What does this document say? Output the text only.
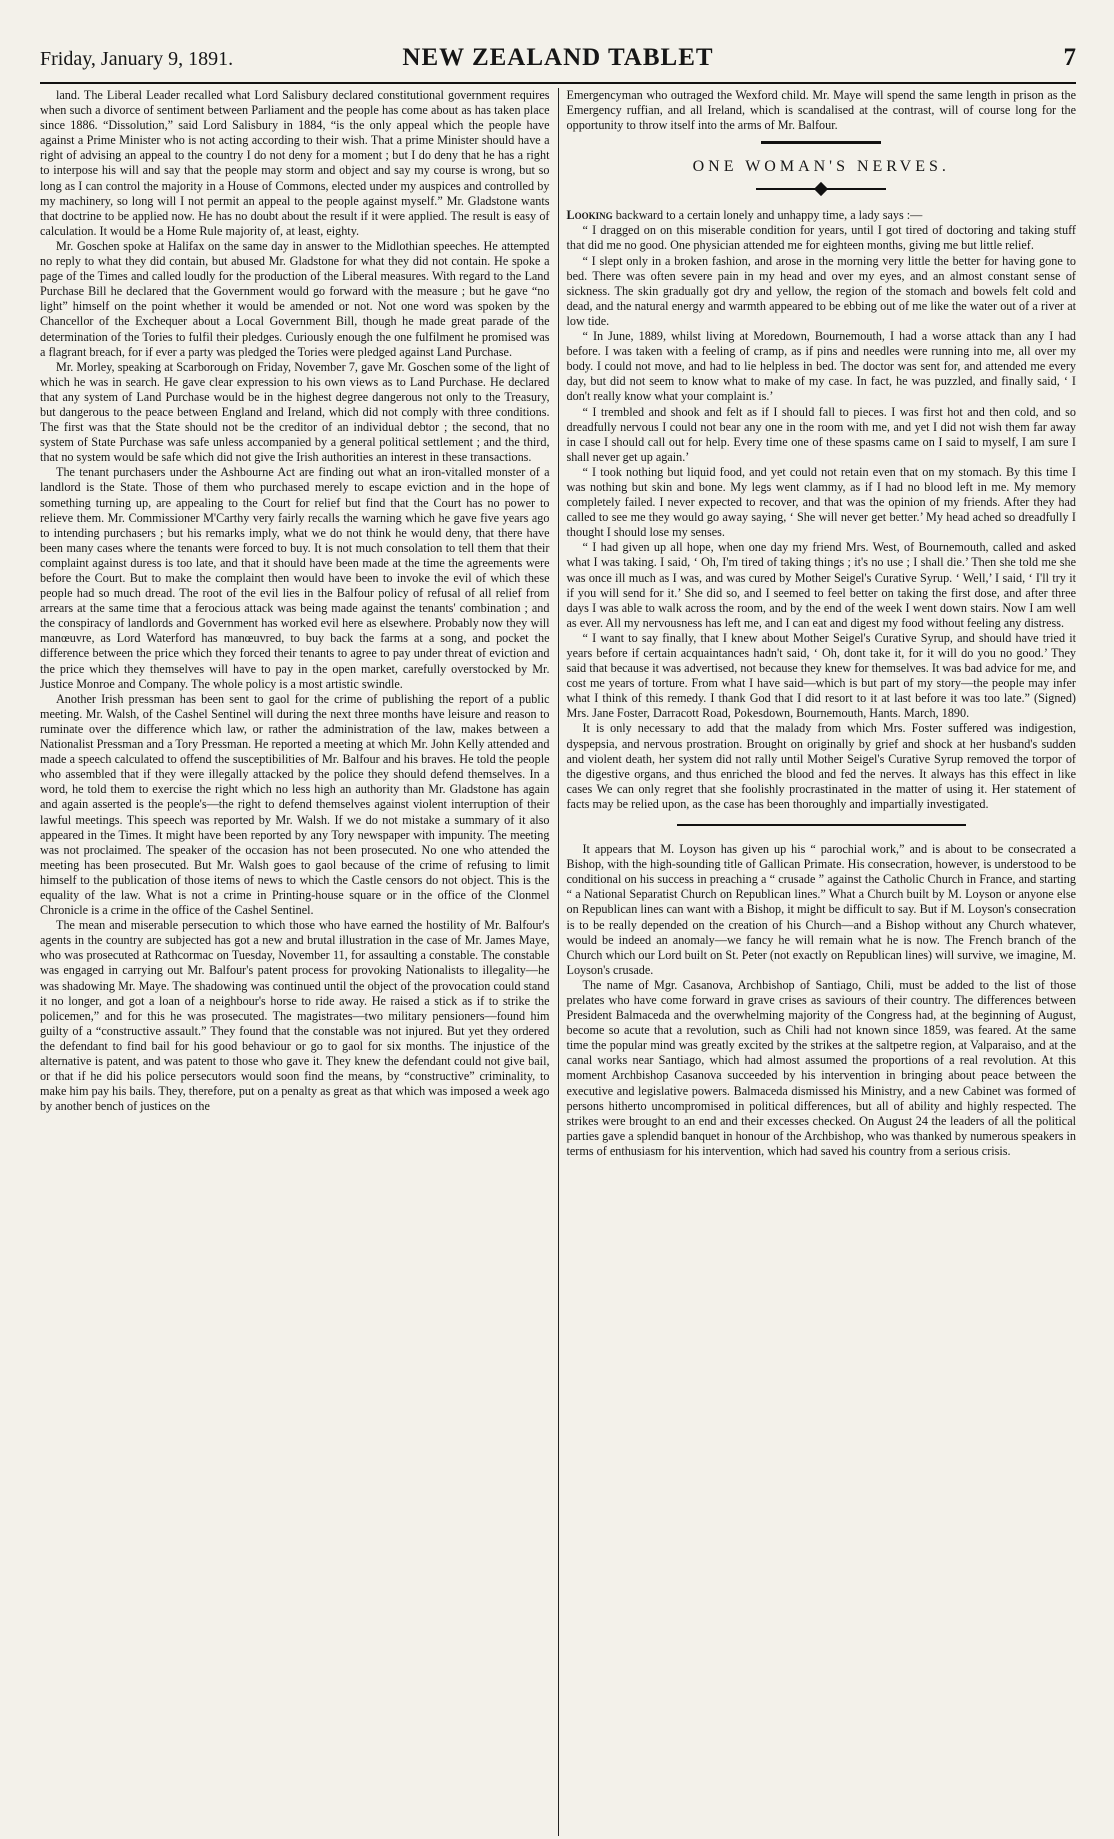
Friday, January 9, 1891.	NEW ZEALAND TABLET	7

land. The Liberal Leader recalled what Lord Salisbury declared constitutional government requires when such a divorce of sentiment between Parliament and the people has come about as has taken place since 1886. “Dissolution,” said Lord Salisbury in 1884, “is the only appeal which the people have against a Prime Minister who is not acting according to their wish. That a prime Minister should have a right of advising an appeal to the country I do not deny for a moment ; but I do deny that he has a right to interpose his will and say that the people may storm and object and say my course is wrong, but so long as I can control the majority in a House of Commons, elected under my auspices and controlled by my machinery, so long will I not permit an appeal to the people against myself.” Mr. Gladstone wants that doctrine to be applied now. He has no doubt about the result if it were applied. The result is easy of calculation. It would be a Home Rule majority of, at least, eighty.

Mr. Goschen spoke at Halifax on the same day in answer to the Midlothian speeches. He attempted no reply to what they did contain, but abused Mr. Gladstone for what they did not contain. He spoke a page of the Times and called loudly for the production of the Liberal measures. With regard to the Land Purchase Bill he declared that the Government would go forward with the measure ; but he gave “no light” himself on the point whether it would be amended or not. Not one word was spoken by the Chancellor of the Exchequer about a Local Government Bill, though he made great parade of the determination of the Tories to fulfil their pledges. Curiously enough the one fulfilment he promised was a flagrant breach, for if ever a party was pledged the Tories were pledged against Land Purchase.

Mr. Morley, speaking at Scarborough on Friday, November 7, gave Mr. Goschen some of the light of which he was in search. He gave clear expression to his own views as to Land Purchase. He declared that any system of Land Purchase would be in the highest degree dangerous not only to the Treasury, but dangerous to the peace between England and Ireland, which did not comply with three conditions. The first was that the State should not be the creditor of an individual debtor ; the second, that no system of State Purchase was safe unless accompanied by a general political settlement ; and the third, that no system would be safe which did not give the Irish authorities an interest in these transactions.

The tenant purchasers under the Ashbourne Act are finding out what an iron-vitalled monster of a landlord is the State. Those of them who purchased merely to escape eviction and in the hope of something turning up, are appealing to the Court for relief but find that the Court has no power to relieve them. Mr. Commissioner M'Carthy very fairly recalls the warning which he gave five years ago to intending purchasers ; but his remarks imply, what we do not think he would deny, that there have been many cases where the tenants were forced to buy. It is not much consolation to tell them that their complaint against duress is too late, and that it should have been made at the time the agreements were before the Court. But to make the complaint then would have been to invoke the evil of which these people had so much dread. The root of the evil lies in the Balfour policy of refusal of all relief from arrears at the same time that a ferocious attack was being made against the tenants' combination ; and the conspiracy of landlords and Government has worked evil here as elsewhere. Probably now they will manœuvre, as Lord Waterford has manœuvred, to buy back the farms at a song, and pocket the difference between the price which they forced their tenants to agree to pay under threat of eviction and the price which they themselves will have to pay in the open market, carefully overstocked by Mr. Justice Monroe and Company. The whole policy is a most artistic swindle.

Another Irish pressman has been sent to gaol for the crime of publishing the report of a public meeting. Mr. Walsh, of the Cashel Sentinel will during the next three months have leisure and reason to ruminate over the difference which law, or rather the administration of the law, makes between a Nationalist Pressman and a Tory Pressman. He reported a meeting at which Mr. John Kelly attended and made a speech calculated to offend the susceptibilities of Mr. Balfour and his braves. He told the people who assembled that if they were illegally attacked by the police they should defend themselves. In a word, he told them to exercise the right which no less high an authority than Mr. Gladstone has again and again asserted is the people's—the right to defend themselves against violent interruption of their lawful meetings. This speech was reported by Mr. Walsh. If we do not mistake a summary of it also appeared in the Times. It might have been reported by any Tory newspaper with impunity. The meeting was not proclaimed. The speaker of the occasion has not been prosecuted. No one who attended the meeting has been prosecuted. But Mr. Walsh goes to gaol because of the crime of refusing to limit himself to the publication of those items of news to which the Castle censors do not object. This is the equality of the law. What is not a crime in Printing-house square or in the office of the Clonmel Chronicle is a crime in the office of the Cashel Sentinel.

The mean and miserable persecution to which those who have earned the hostility of Mr. Balfour's agents in the country are subjected has got a new and brutal illustration in the case of Mr. James Maye, who was prosecuted at Rathcormac on Tuesday, November 11, for assaulting a constable. The constable was engaged in carrying out Mr. Balfour's patent process for provoking Nationalists to illegality—he was shadowing Mr. Maye. The shadowing was continued until the object of the provocation could stand it no longer, and got a loan of a neighbour's horse to ride away. He raised a stick as if to strike the policemen,” and for this he was prosecuted. The magistrates—two military pensioners—found him guilty of a “constructive assault.” They found that the constable was not injured. But yet they ordered the defendant to find bail for his good behaviour or go to gaol for six months. The injustice of the alternative is patent, and was patent to those who gave it. They knew the defendant could not give bail, or that if he did his police persecutors would soon find the means, by “constructive” criminality, to make him pay his bails. They, therefore, put on a penalty as great as that which was imposed a week ago by another bench of justices on the

Emergencyman who outraged the Wexford child. Mr. Maye will spend the same length in prison as the Emergency ruffian, and all Ireland, which is scandalised at the contrast, will of course long for the opportunity to throw itself into the arms of Mr. Balfour.

ONE WOMAN'S NERVES.

Looking backward to a certain lonely and unhappy time, a lady says :—

“ I dragged on on this miserable condition for years, until I got tired of doctoring and taking stuff that did me no good. One physician attended me for eighteen months, giving me but little relief.

“ I slept only in a broken fashion, and arose in the morning very little the better for having gone to bed. There was often severe pain in my head and over my eyes, and an almost constant sense of sickness. The skin gradually got dry and yellow, the region of the stomach and bowels felt cold and dead, and the natural energy and warmth appeared to be ebbing out of me like the water out of a river at low tide.

“ In June, 1889, whilst living at Moredown, Bournemouth, I had a worse attack than any I had before. I was taken with a feeling of cramp, as if pins and needles were running into me, all over my body. I could not move, and had to lie helpless in bed. The doctor was sent for, and attended me every day, but did not seem to know what to make of my case. In fact, he was puzzled, and finally said, ‘ I don't really know what your complaint is.’

“ I trembled and shook and felt as if I should fall to pieces. I was first hot and then cold, and so dreadfully nervous I could not bear any one in the room with me, and yet I did not wish them far away in case I should call out for help. Every time one of these spasms came on I said to myself, I am sure I shall never get up again.’

“ I took nothing but liquid food, and yet could not retain even that on my stomach. By this time I was nothing but skin and bone. My legs went clammy, as if I had no blood left in me. My memory completely failed. I never expected to recover, and that was the opinion of my friends. After they had called to see me they would go away saying, ‘ She will never get better.’ My head ached so dreadfully I thought I should lose my senses.

“ I had given up all hope, when one day my friend Mrs. West, of Bournemouth, called and asked what I was taking. I said, ‘ Oh, I'm tired of taking things ; it's no use ; I shall die.’ Then she told me she was once ill much as I was, and was cured by Mother Seigel's Curative Syrup. ‘ Well,’ I said, ‘ I'll try it if you will send for it.’ She did so, and I seemed to feel better on taking the first dose, and after three days I was able to walk across the room, and by the end of the week I went down stairs. Now I am well as ever. All my nervousness has left me, and I can eat and digest my food without feeling any distress.

“ I want to say finally, that I knew about Mother Seigel's Curative Syrup, and should have tried it years before if certain acquaintances hadn't said, ‘ Oh, dont take it, for it will do you no good.’ They said that because it was advertised, not because they knew for themselves. It was bad advice for me, and cost me years of torture. From what I have said—which is but part of my story—the people may infer what I think of this remedy. I thank God that I did resort to it at last before it was too late.” (Signed) Mrs. Jane Foster, Darracott Road, Pokesdown, Bournemouth, Hants. March, 1890.

It is only necessary to add that the malady from which Mrs. Foster suffered was indigestion, dyspepsia, and nervous prostration. Brought on originally by grief and shock at her husband's sudden and violent death, her system did not rally until Mother Seigel's Curative Syrup removed the torpor of the digestive organs, and thus enriched the blood and fed the nerves. It always has this effect in like cases We can only regret that she foolishly procrastinated in the matter of using it. Her statement of facts may be relied upon, as the case has been thoroughly and impartially investigated.

It appears that M. Loyson has given up his “ parochial work,” and is about to be consecrated a Bishop, with the high-sounding title of Gallican Primate. His consecration, however, is understood to be conditional on his success in preaching a “ crusade ” against the Catholic Church in France, and starting “ a National Separatist Church on Republican lines.” What a Church built by M. Loyson or anyone else on Republican lines can want with a Bishop, it might be difficult to say. But if M. Loyson's consecration is to be really depended on the creation of his Church—and a Bishop without any Church whatever, would be indeed an anomaly—we fancy he will remain what he is now. The French branch of the Church which our Lord built on St. Peter (not exactly on Republican lines) will survive, we imagine, M. Loyson's crusade.

The name of Mgr. Casanova, Archbishop of Santiago, Chili, must be added to the list of those prelates who have come forward in grave crises as saviours of their country. The differences between President Balmaceda and the overwhelming majority of the Congress had, at the beginning of August, become so acute that a revolution, such as Chili had not known since 1859, was feared. At the same time the popular mind was greatly excited by the strikes at the saltpetre region, at Valparaiso, and at the canal works near Santiago, which had almost assumed the proportions of a real revolution. At this moment Archbishop Casanova succeeded by his intervention in bringing about peace between the executive and legislative powers. Balmaceda dismissed his Ministry, and a new Cabinet was formed of persons hitherto uncompromised in political differences, but all of ability and highly respected. The strikes were brought to an end and their excesses checked. On August 24 the leaders of all the political parties gave a splendid banquet in honour of the Archbishop, who was thanked by numerous speakers in terms of enthusiasm for his intervention, which had saved his country from a serious crisis.
